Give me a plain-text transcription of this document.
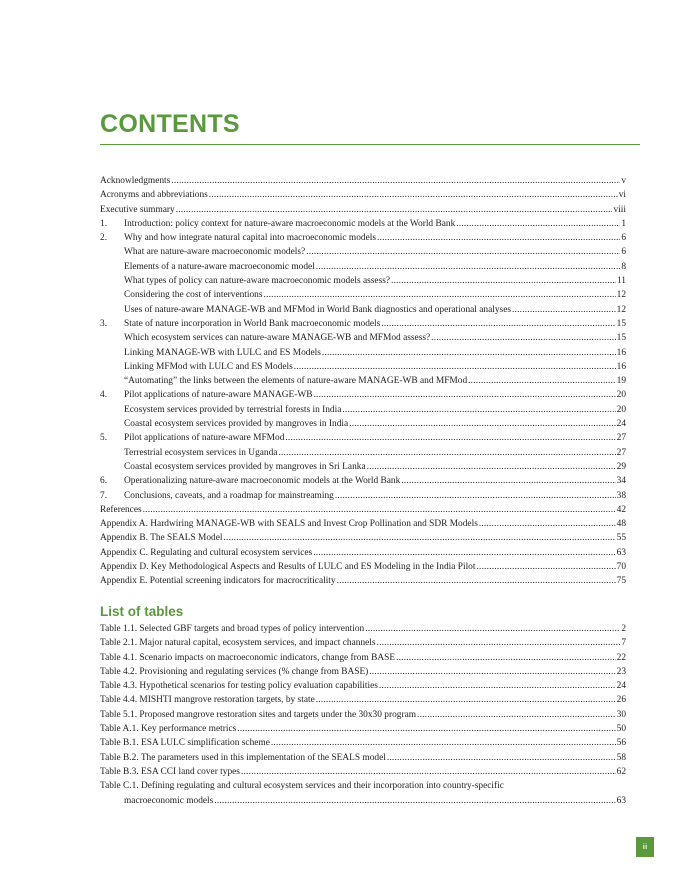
CONTENTS
Acknowledgments .....	v
Acronyms and abbreviations .....	vi
Executive summary .....	viii
1.	Introduction: policy context for nature-aware macroeconomic models at the World Bank .....	1
2.	Why and how integrate natural capital into macroeconomic models .....	6
What are nature-aware macroeconomic models? .....	6
Elements of a nature-aware macroeconomic model .....	8
What types of policy can nature-aware macroeconomic models assess? .....	11
Considering the cost of interventions .....	12
Uses of nature-aware MANAGE-WB and MFMod in World Bank diagnostics and operational analyses .....	12
3.	State of nature incorporation in World Bank macroeconomic models .....	15
Which ecosystem services can nature-aware MANAGE-WB and MFMod assess? .....	15
Linking MANAGE-WB with LULC and ES Models .....	16
Linking MFMod with LULC and ES Models .....	16
“Automating” the links between the elements of nature-aware MANAGE-WB and MFMod .....	19
4.	Pilot applications of nature-aware MANAGE-WB .....	20
Ecosystem services provided by terrestrial forests in India .....	20
Coastal ecosystem services provided by mangroves in India .....	24
5.	Pilot applications of nature-aware MFMod .....	27
Terrestrial ecosystem services in Uganda .....	27
Coastal ecosystem services provided by mangroves in Sri Lanka .....	29
6.	Operationalizing nature-aware macroeconomic models at the World Bank .....	34
7.	Conclusions, caveats, and a roadmap for mainstreaming .....	38
References .....	42
Appendix A. Hardwiring MANAGE-WB with SEALS and Invest Crop Pollination and SDR Models .....	48
Appendix B. The SEALS Model .....	55
Appendix C. Regulating and cultural ecosystem services .....	63
Appendix D. Key Methodological Aspects and Results of LULC and ES Modeling in the India Pilot .....	70
Appendix E. Potential screening indicators for macrocriticality .....	75
List of tables
Table 1.1. Selected GBF targets and broad types of policy intervention .....	2
Table 2.1. Major natural capital, ecosystem services, and impact channels .....	7
Table 4.1. Scenario impacts on macroeconomic indicators, change from BASE .....	22
Table 4.2. Provisioning and regulating services (% change from BASE) .....	23
Table 4.3. Hypothetical scenarios for testing policy evaluation capabilities .....	24
Table 4.4. MISHTI mangrove restoration targets, by state .....	26
Table 5.1. Proposed mangrove restoration sites and targets under the 30x30 program .....	30
Table A.1. Key performance metrics .....	50
Table B.1. ESA LULC simplification scheme .....	56
Table B.2. The parameters used in this implementation of the SEALS model .....	58
Table B.3. ESA CCI land cover types .....	62
Table C.1. Defining regulating and cultural ecosystem services and their incorporation into country-specific
macroeconomic models .....	63
iii
